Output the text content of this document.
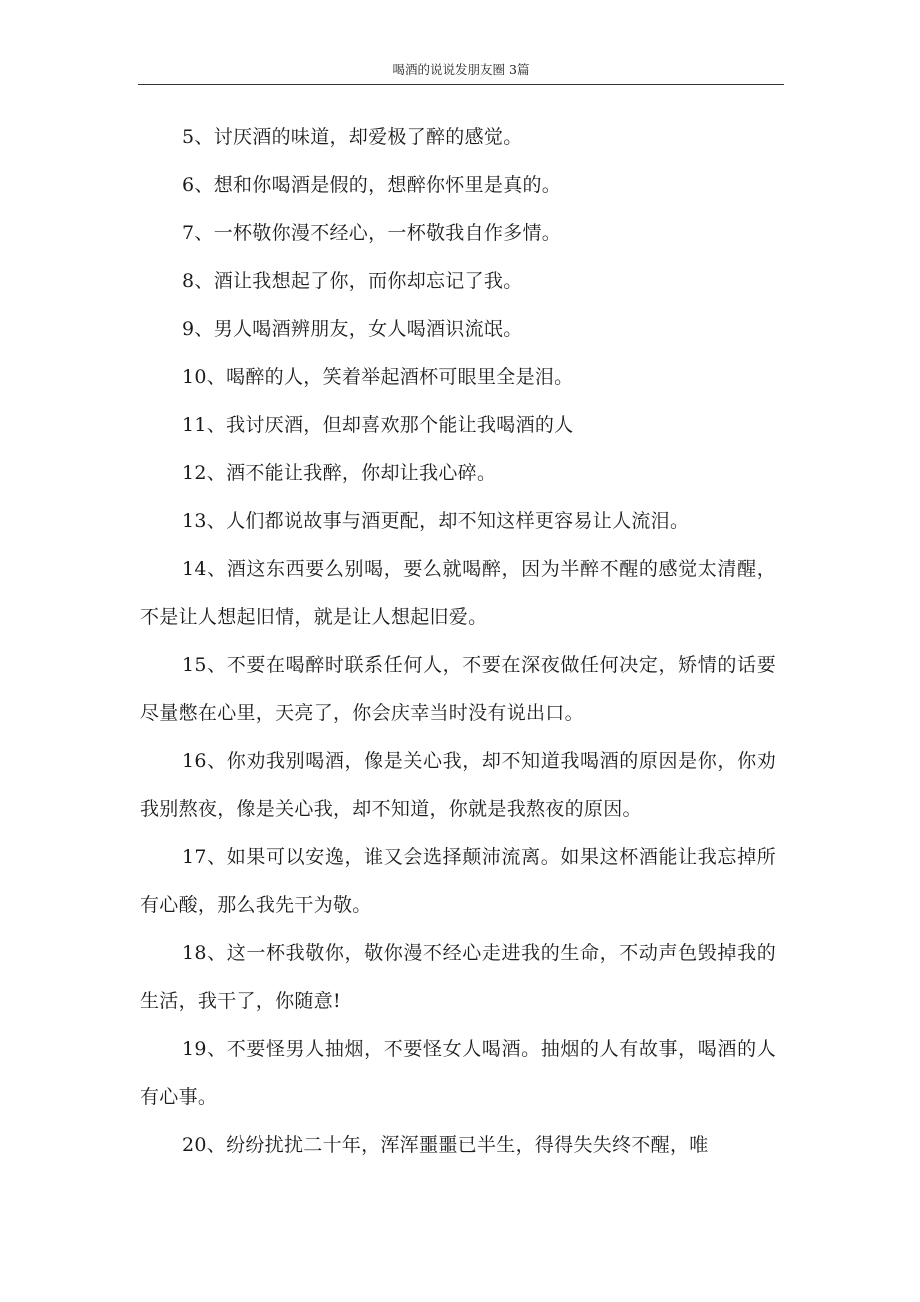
喝酒的说说发朋友圈 3篇

5、讨厌酒的味道，却爱极了醉的感觉。

6、想和你喝酒是假的，想醉你怀里是真的。

7、一杯敬你漫不经心，一杯敬我自作多情。

8、酒让我想起了你，而你却忘记了我。

9、男人喝酒辨朋友，女人喝酒识流氓。

10、喝醉的人，笑着举起酒杯可眼里全是泪。

11、我讨厌酒，但却喜欢那个能让我喝酒的人

12、酒不能让我醉，你却让我心碎。

13、人们都说故事与酒更配，却不知这样更容易让人流泪。

14、酒这东西要么别喝，要么就喝醉，因为半醉不醒的感觉太清醒，不是让人想起旧情，就是让人想起旧爱。

15、不要在喝醉时联系任何人，不要在深夜做任何决定，矫情的话要尽量憋在心里，天亮了，你会庆幸当时没有说出口。

16、你劝我别喝酒，像是关心我，却不知道我喝酒的原因是你，你劝我别熬夜，像是关心我，却不知道，你就是我熬夜的原因。

17、如果可以安逸，谁又会选择颠沛流离。如果这杯酒能让我忘掉所有心酸，那么我先干为敬。

18、这一杯我敬你，敬你漫不经心走进我的生命，不动声色毁掉我的生活，我干了，你随意!

19、不要怪男人抽烟，不要怪女人喝酒。抽烟的人有故事，喝酒的人有心事。

20、纷纷扰扰二十年，浑浑噩噩已半生，得得失失终不醒，唯
